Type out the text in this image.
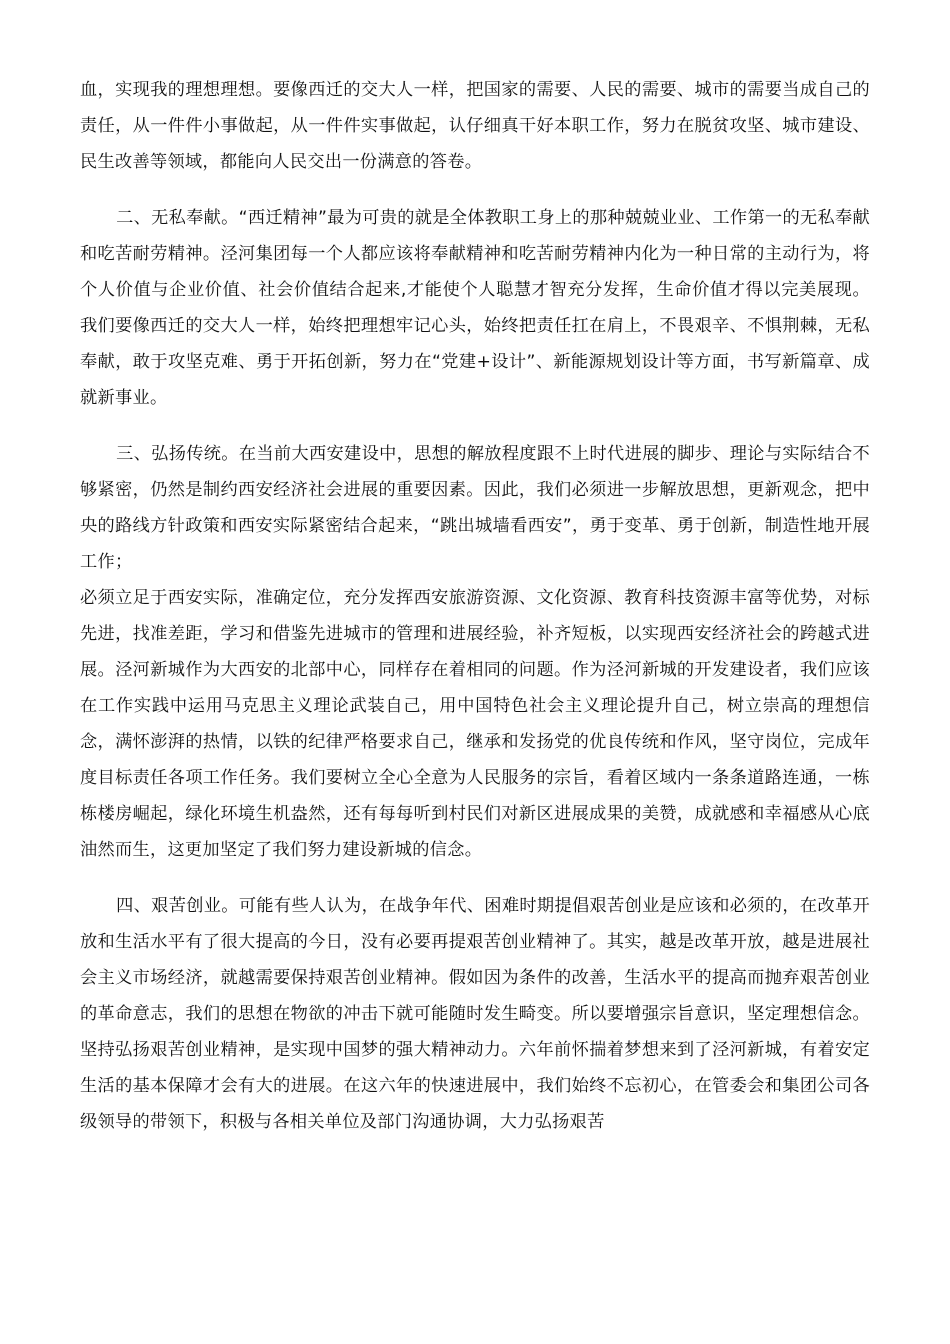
血，实现我的理想理想。要像西迁的交大人一样，把国家的需要、人民的需要、城市的需要当成自己的责任，从一件件小事做起，从一件件实事做起，认仔细真干好本职工作，努力在脱贫攻坚、城市建设、民生改善等领域，都能向人民交出一份满意的答卷。

二、无私奉献。“西迁精神”最为可贵的就是全体教职工身上的那种兢兢业业、工作第一的无私奉献和吃苦耐劳精神。泾河集团每一个人都应该将奉献精神和吃苦耐劳精神内化为一种日常的主动行为，将个人价值与企业价值、社会价值结合起来,才能使个人聪慧才智充分发挥，生命价值才得以完美展现。我们要像西迁的交大人一样，始终把理想牢记心头，始终把责任扛在肩上，不畏艰辛、不惧荆棘，无私奉献，敢于攻坚克难、勇于开拓创新，努力在“党建+设计”、新能源规划设计等方面，书写新篇章、成就新事业。

三、弘扬传统。在当前大西安建设中，思想的解放程度跟不上时代进展的脚步、理论与实际结合不够紧密，仍然是制约西安经济社会进展的重要因素。因此，我们必须进一步解放思想，更新观念，把中央的路线方针政策和西安实际紧密结合起来，“跳出城墙看西安”，勇于变革、勇于创新，制造性地开展工作；

必须立足于西安实际，准确定位，充分发挥西安旅游资源、文化资源、教育科技资源丰富等优势，对标先进，找准差距，学习和借鉴先进城市的管理和进展经验，补齐短板，以实现西安经济社会的跨越式进展。泾河新城作为大西安的北部中心，同样存在着相同的问题。作为泾河新城的开发建设者，我们应该在工作实践中运用马克思主义理论武装自己，用中国特色社会主义理论提升自己，树立崇高的理想信念，满怀澎湃的热情，以铁的纪律严格要求自己，继承和发扬党的优良传统和作风，坚守岗位，完成年度目标责任各项工作任务。我们要树立全心全意为人民服务的宗旨，看着区域内一条条道路连通，一栋栋楼房崛起，绿化环境生机盎然，还有每每听到村民们对新区进展成果的美赞，成就感和幸福感从心底油然而生，这更加坚定了我们努力建设新城的信念。

四、艰苦创业。可能有些人认为，在战争年代、困难时期提倡艰苦创业是应该和必须的，在改革开放和生活水平有了很大提高的今日，没有必要再提艰苦创业精神了。其实，越是改革开放，越是进展社会主义市场经济，就越需要保持艰苦创业精神。假如因为条件的改善，生活水平的提高而抛弃艰苦创业的革命意志，我们的思想在物欲的冲击下就可能随时发生畸变。所以要增强宗旨意识，坚定理想信念。坚持弘扬艰苦创业精神，是实现中国梦的强大精神动力。六年前怀揣着梦想来到了泾河新城，有着安定生活的基本保障才会有大的进展。在这六年的快速进展中，我们始终不忘初心，在管委会和集团公司各级领导的带领下，积极与各相关单位及部门沟通协调，大力弘扬艰苦
